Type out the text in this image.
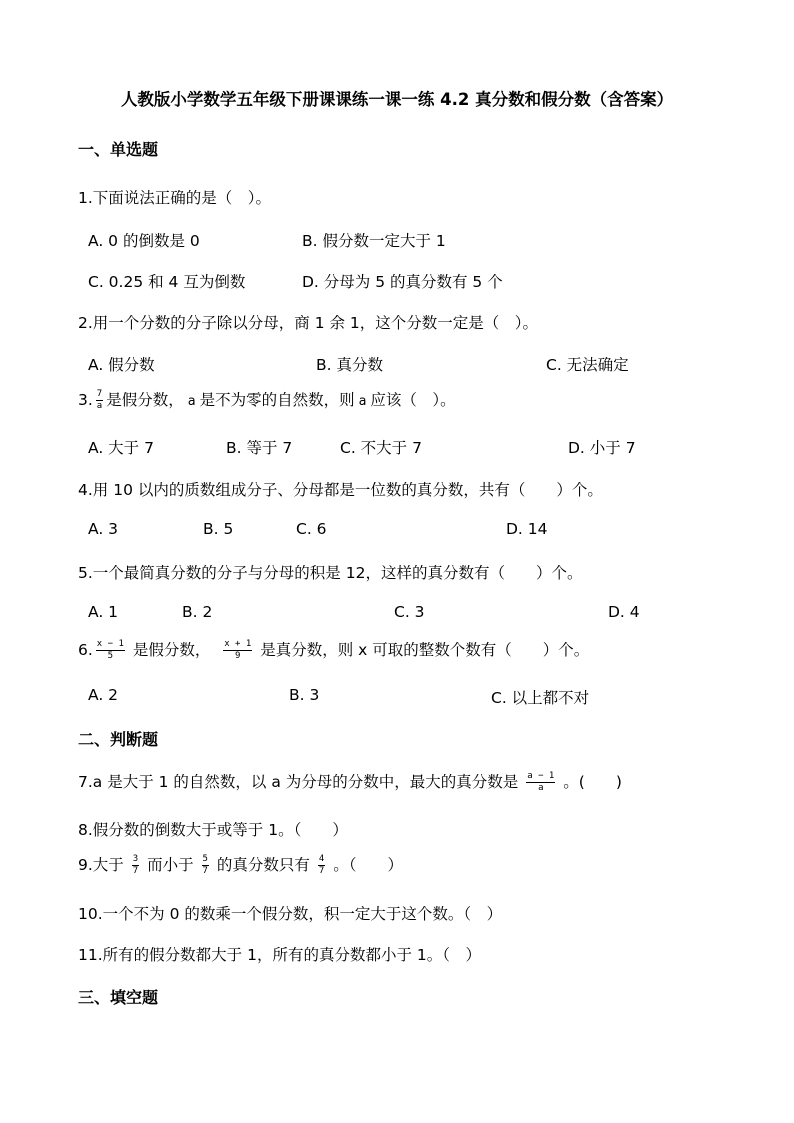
人教版小学数学五年级下册课课练一课一练 4.2 真分数和假分数（含答案）
一、单选题
1.下面说法正确的是（　）。
A. 0 的倒数是 0	B. 假分数一定大于 1
C. 0.25 和 4 互为倒数	D. 分母为 5 的真分数有 5 个
2.用一个分数的分子除以分母，商 1 余 1，这个分数一定是（　）。
A. 假分数	B. 真分数	C. 无法确定
3. $\frac{7}{a}$ 是假分数， a 是不为零的自然数，则 a 应该（　）。
A. 大于 7	B. 等于 7	C. 不大于 7	D. 小于 7
4.用 10 以内的质数组成分子、分母都是一位数的真分数，共有（　　）个。
A. 3	B. 5	C. 6	D. 14
5.一个最简真分数的分子与分母的积是 12，这样的真分数有（　　）个。
A. 1	B. 2	C. 3	D. 4
6. $\frac{x - 1}{5}$ 是假分数， $\frac{x + 1}{9}$ 是真分数，则 x 可取的整数个数有（　　）个。
A. 2	B. 3	C. 以上都不对
二、判断题
7.a 是大于 1 的自然数，以 a 为分母的分数中，最大的真分数是 $\frac{a - 1}{a}$ 。(　　)
8.假分数的倒数大于或等于 1。（　　）
9.大于 $\frac{3}{7}$ 而小于 $\frac{5}{7}$ 的真分数只有 $\frac{4}{7}$ 。（　　）
10.一个不为 0 的数乘一个假分数，积一定大于这个数。（　）
11.所有的假分数都大于 1，所有的真分数都小于 1。（　）
三、填空题
